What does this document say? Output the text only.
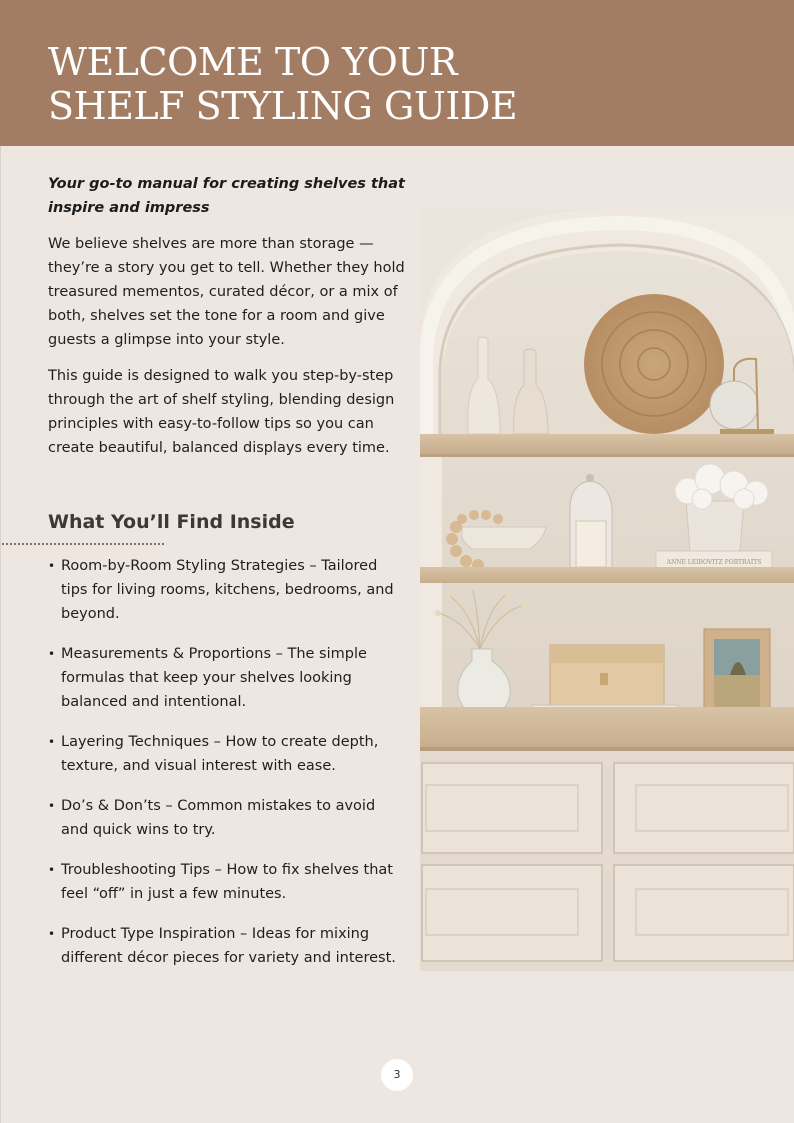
WELCOME TO YOUR
SHELF STYLING GUIDE

Your go-to manual for creating shelves that inspire and impress

We believe shelves are more than storage — they’re a story you get to tell. Whether they hold treasured mementos, curated décor, or a mix of both, shelves set the tone for a room and give guests a glimpse into your style.

This guide is designed to walk you step-by-step through the art of shelf styling, blending design principles with easy-to-follow tips so you can create beautiful, balanced displays every time.

What You’ll Find Inside
• Room-by-Room Styling Strategies – Tailored tips for living rooms, kitchens, bedrooms, and beyond.
• Measurements & Proportions – The simple formulas that keep your shelves looking balanced and intentional.
• Layering Techniques – How to create depth, texture, and visual interest with ease.
• Do’s & Don’ts – Common mistakes to avoid and quick wins to try.
• Troubleshooting Tips – How to fix shelves that feel “off” in just a few minutes.
• Product Type Inspiration – Ideas for mixing different décor pieces for variety and interest.
ANNE LEIBOVITZ PORTRAITS
3
